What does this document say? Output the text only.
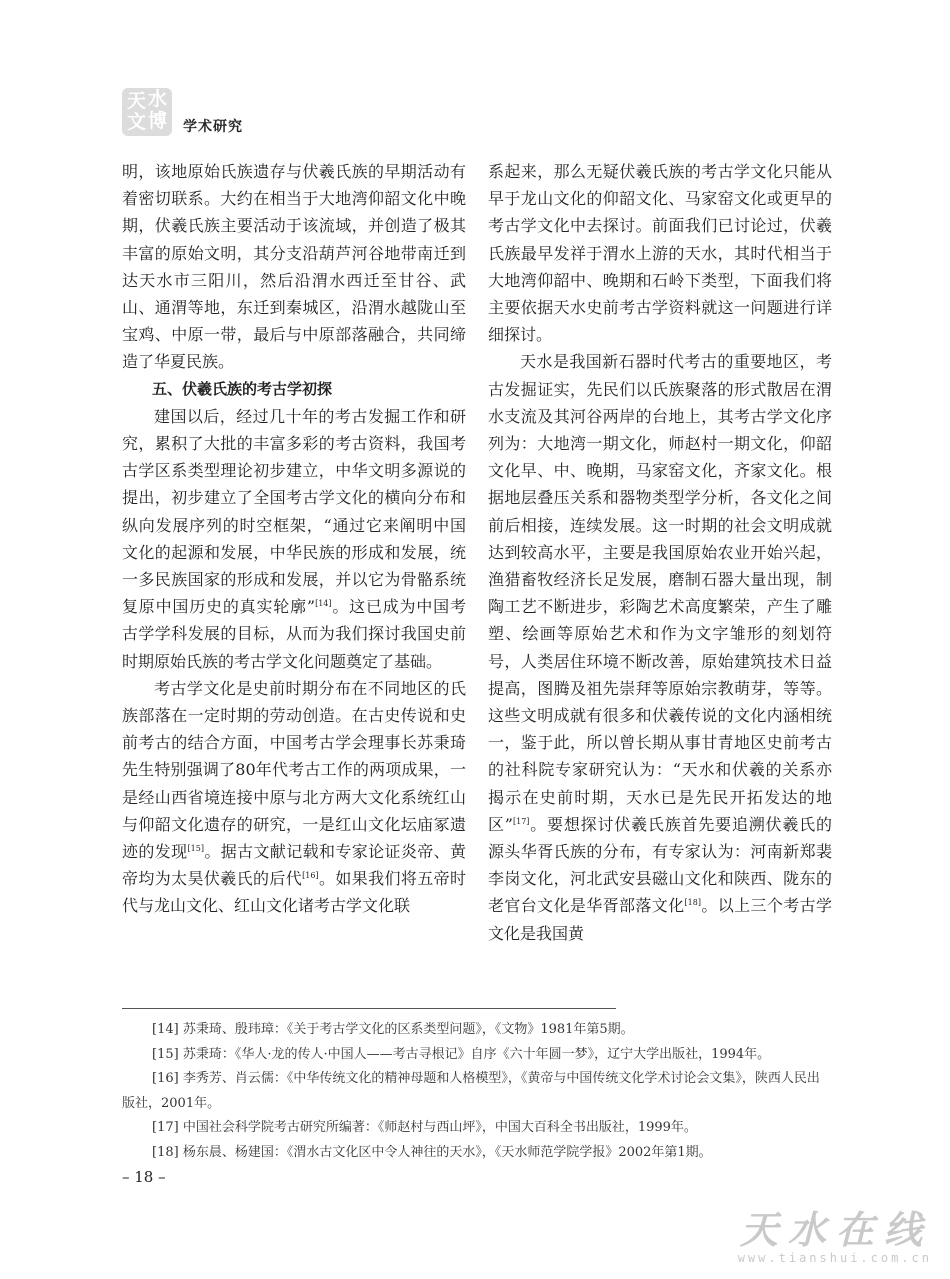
天 水
文 博 学术研究

明，该地原始氏族遗存与伏羲氏族的早期活动有着密切联系。大约在相当于大地湾仰韶文化中晚期，伏羲氏族主要活动于该流域，并创造了极其丰富的原始文明，其分支沿葫芦河谷地带南迁到达天水市三阳川，然后沿渭水西迁至甘谷、武山、通渭等地，东迁到秦城区，沿渭水越陇山至宝鸡、中原一带，最后与中原部落融合，共同缔造了华夏民族。

五、伏羲氏族的考古学初探

建国以后，经过几十年的考古发掘工作和研究，累积了大批的丰富多彩的考古资料，我国考古学区系类型理论初步建立，中华文明多源说的提出，初步建立了全国考古学文化的横向分布和纵向发展序列的时空框架，“通过它来阐明中国文化的起源和发展，中华民族的形成和发展，统一多民族国家的形成和发展，并以它为骨骼系统复原中国历史的真实轮廓”[14]。这已成为中国考古学学科发展的目标，从而为我们探讨我国史前时期原始氏族的考古学文化问题奠定了基础。

考古学文化是史前时期分布在不同地区的氏族部落在一定时期的劳动创造。在古史传说和史前考古的结合方面，中国考古学会理事长苏秉琦先生特别强调了80年代考古工作的两项成果，一是经山西省境连接中原与北方两大文化系统红山与仰韶文化遗存的研究，一是红山文化坛庙冢遗迹的发现[15]。据古文献记载和专家论证炎帝、黄帝均为太昊伏羲氏的后代[16]。如果我们将五帝时代与龙山文化、红山文化诸考古学文化联

系起来，那么无疑伏羲氏族的考古学文化只能从早于龙山文化的仰韶文化、马家窑文化或更早的考古学文化中去探讨。前面我们已讨论过，伏羲氏族最早发祥于渭水上游的天水，其时代相当于大地湾仰韶中、晚期和石岭下类型，下面我们将主要依据天水史前考古学资料就这一问题进行详细探讨。

天水是我国新石器时代考古的重要地区，考古发掘证实，先民们以氏族聚落的形式散居在渭水支流及其河谷两岸的台地上，其考古学文化序列为：大地湾一期文化，师赵村一期文化，仰韶文化早、中、晚期，马家窑文化，齐家文化。根据地层叠压关系和器物类型学分析，各文化之间前后相接，连续发展。这一时期的社会文明成就达到较高水平，主要是我国原始农业开始兴起，渔猎畜牧经济长足发展，磨制石器大量出现，制陶工艺不断进步，彩陶艺术高度繁荣，产生了雕塑、绘画等原始艺术和作为文字雏形的刻划符号，人类居住环境不断改善，原始建筑技术日益提高，图腾及祖先崇拜等原始宗教萌芽，等等。这些文明成就有很多和伏羲传说的文化内涵相统一，鉴于此，所以曾长期从事甘青地区史前考古的社科院专家研究认为：“天水和伏羲的关系亦揭示在史前时期，天水已是先民开拓发达的地区”[17]。要想探讨伏羲氏族首先要追溯伏羲氏的源头华胥氏族的分布，有专家认为：河南新郑裴李岗文化，河北武安县磁山文化和陕西、陇东的老官台文化是华胥部落文化[18]。以上三个考古学文化是我国黄

[14] 苏秉琦、殷玮璋：《关于考古学文化的区系类型问题》，《文物》1981年第5期。

[15] 苏秉琦：《华人·龙的传人·中国人——考古寻根记》自序《六十年圆一梦》，辽宁大学出版社，1994年。

[16] 李秀芳、肖云儒：《中华传统文化的精神母题和人格模型》，《黄帝与中国传统文化学术讨论会文集》，陕西人民出版社，2001年。

[17] 中国社会科学院考古研究所编著：《师赵村与西山坪》，中国大百科全书出版社，1999年。

[18] 杨东晨、杨建国：《渭水古文化区中令人神往的天水》，《天水师范学院学报》2002年第1期。

– 18 –
天水在线
www.tianshui.com.cn
